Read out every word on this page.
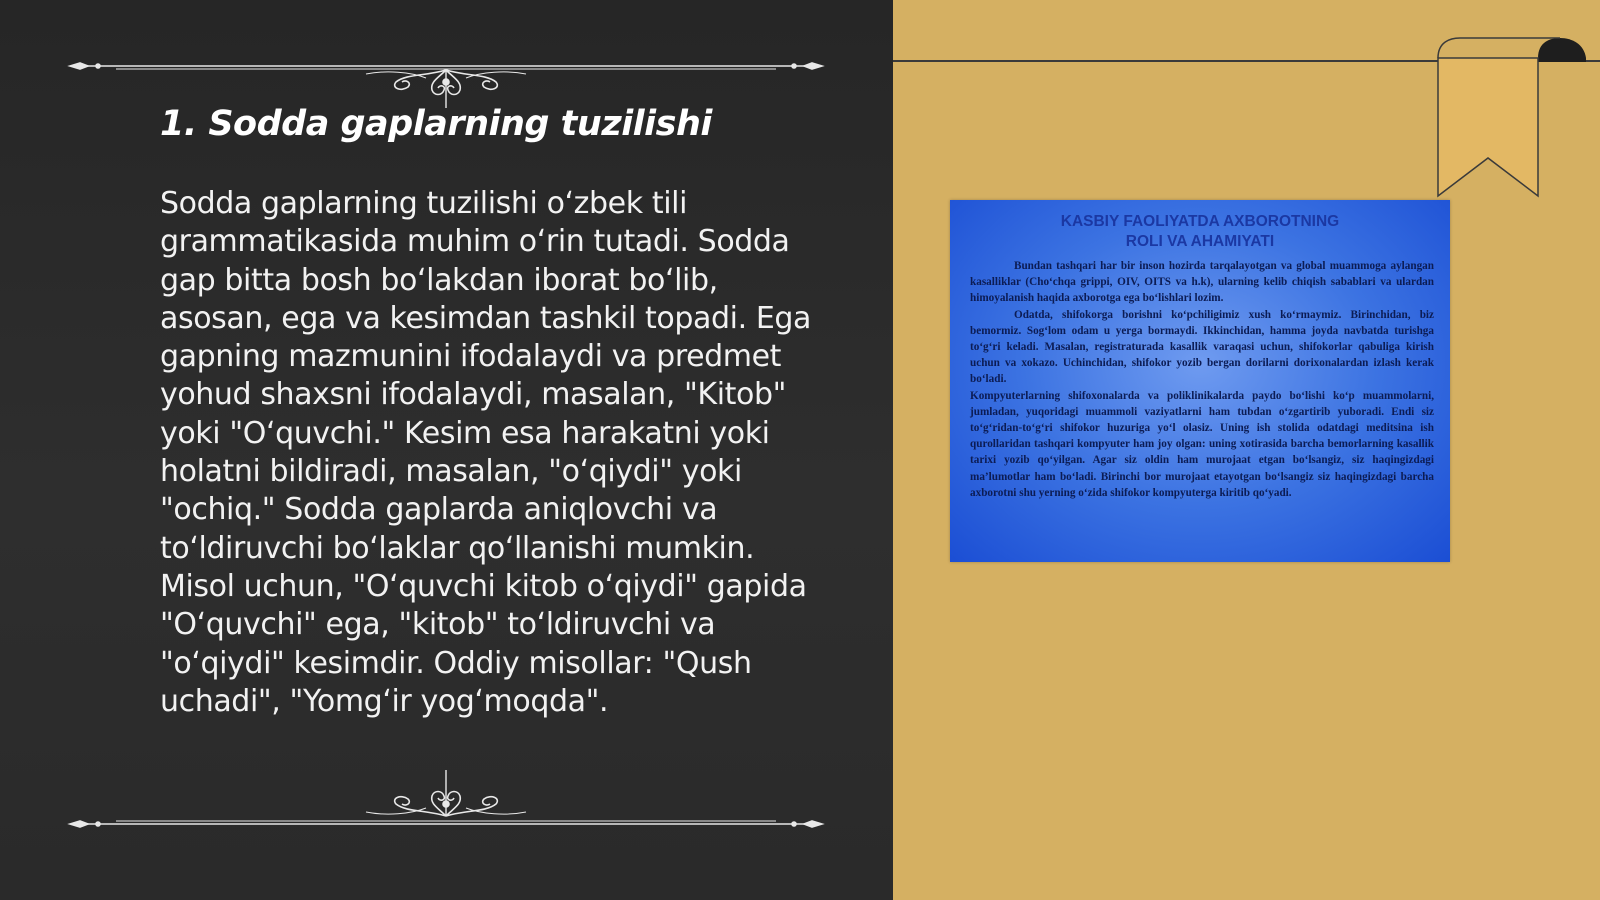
1. Sodda gaplarning tuzilishi

Sodda gaplarning tuzilishi o‘zbek tili grammatikasida muhim o‘rin tutadi. Sodda gap bitta bosh bo‘lakdan iborat bo‘lib, asosan, ega va kesimdan tashkil topadi. Ega gapning mazmunini ifodalaydi va predmet yohud shaxsni ifodalaydi, masalan, "Kitob" yoki "O‘quvchi." Kesim esa harakatni yoki holatni bildiradi, masalan, "o‘qiydi" yoki "ochiq." Sodda gaplarda aniqlovchi va to‘ldiruvchi bo‘laklar qo‘llanishi mumkin. Misol uchun, "O‘quvchi kitob o‘qiydi" gapida "O‘quvchi" ega, "kitob" to‘ldiruvchi va "o‘qiydi" kesimdir. Oddiy misollar: "Qush uchadi", "Yomg‘ir yog‘moqda".

KASBIY FAOLIYATDA AXBOROTNING
ROLI VA AHAMIYATI

Bundan tashqari har bir inson hozirda tarqalayotgan va global muammoga aylangan kasalliklar (Cho‘chqa grippi, OIV, OITS va h.k), ularning kelib chiqish sabablari va ulardan himoyalanish haqida axborotga ega bo‘lishlari lozim.

Odatda, shifokorga borishni ko‘pchiligimiz xush ko‘rmaymiz. Birinchidan, biz bemormiz. Sog‘lom odam u yerga bormaydi. Ikkinchidan, hamma joyda navbatda turishga to‘g‘ri keladi. Masalan, registraturada kasallik varaqasi uchun, shifokorlar qabuliga kirish uchun va xokazo. Uchinchidan, shifokor yozib bergan dorilarni dorixonalardan izlash kerak bo‘ladi.

Kompyuterlarning shifoxonalarda va poliklinikalarda paydo bo‘lishi ko‘p muammolarni, jumladan, yuqoridagi muammoli vaziyatlarni ham tubdan o‘zgartirib yuboradi. Endi siz to‘g‘ridan-to‘g‘ri shifokor huzuriga yo‘l olasiz. Uning ish stolida odatdagi meditsina ish qurollaridan tashqari kompyuter ham joy olgan: uning xotirasida barcha bemorlarning kasallik tarixi yozib qo‘yilgan. Agar siz oldin ham murojaat etgan bo‘lsangiz, siz haqingizdagi ma’lumotlar ham bo‘ladi. Birinchi bor murojaat etayotgan bo‘lsangiz siz haqingizdagi barcha axborotni shu yerning o‘zida shifokor kompyuterga kiritib qo‘yadi.
